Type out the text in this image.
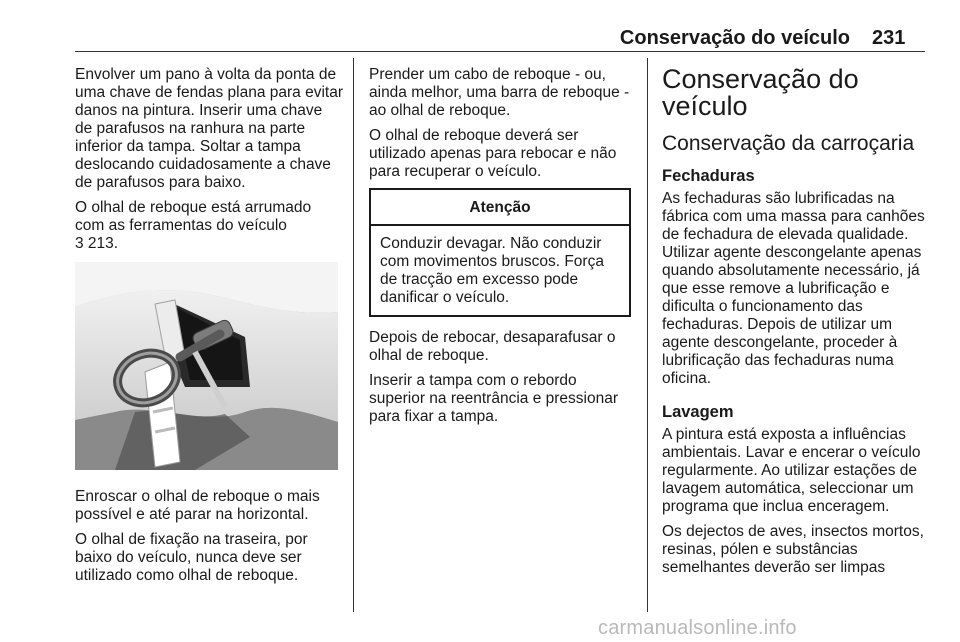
Conservação do veículo 231

Envolver um pano à volta da ponta de uma chave de fendas plana para evitar danos na pintura. Inserir uma chave de parafusos na ranhura na parte inferior da tampa. Soltar a tampa deslocando cuidadosamente a chave de parafusos para baixo.

O olhal de reboque está arrumado com as ferramentas do veículo
3 213.

Enroscar o olhal de reboque o mais possível e até parar na horizontal.

O olhal de fixação na traseira, por baixo do veículo, nunca deve ser utilizado como olhal de reboque.

Prender um cabo de reboque - ou, ainda melhor, uma barra de reboque - ao olhal de reboque.

O olhal de reboque deverá ser utilizado apenas para rebocar e não para recuperar o veículo.

Atenção
Conduzir devagar. Não conduzir com movimentos bruscos. Força de tracção em excesso pode danificar o veículo.

Depois de rebocar, desaparafusar o olhal de reboque.

Inserir a tampa com o rebordo superior na reentrância e pressionar para fixar a tampa.

Conservação do veículo
Conservação da carroçaria
Fechaduras

As fechaduras são lubrificadas na fábrica com uma massa para canhões de fechadura de elevada qualidade. Utilizar agente descongelante apenas quando absolutamente necessário, já que esse remove a lubrificação e dificulta o funcionamento das fechaduras. Depois de utilizar um agente descongelante, proceder à lubrificação das fechaduras numa oficina.

Lavagem

A pintura está exposta a influências ambientais. Lavar e encerar o veículo regularmente. Ao utilizar estações de lavagem automática, seleccionar um programa que inclua enceragem.

Os dejectos de aves, insectos mortos, resinas, pólen e substâncias semelhantes deverão ser limpas

carmanualsonline.info
